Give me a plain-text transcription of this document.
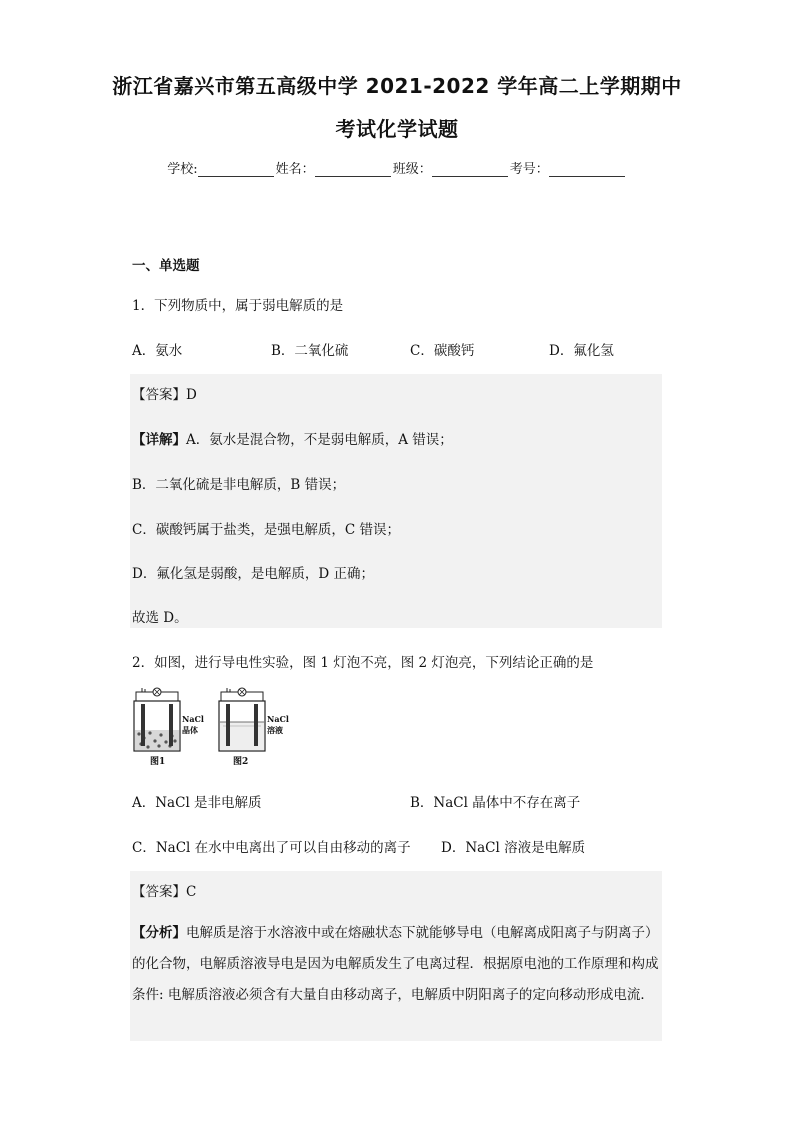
浙江省嘉兴市第五高级中学 2021-2022 学年高二上学期期中
考试化学试题
学校:	姓名：	班级：	考号：
一、单选题
1．下列物质中，属于弱电解质的是
A．氨水	B．二氧化硫	C．碳酸钙	D．氟化氢
【答案】D
【详解】A．氨水是混合物，不是弱电解质，A 错误；
B．二氧化硫是非电解质，B 错误；
C．碳酸钙属于盐类，是强电解质，C 错误；
D．氟化氢是弱酸，是电解质，D 正确；
故选 D。
2．如图，进行导电性实验，图 1 灯泡不亮，图 2 灯泡亮，下列结论正确的是
NaCl
晶体
图1
NaCl
溶液
图2
A．NaCl 是非电解质	B．NaCl 晶体中不存在离子
C．NaCl 在水中电离出了可以自由移动的离子 D．NaCl 溶液是电解质
【答案】C
【分析】电解质是溶于水溶液中或在熔融状态下就能够导电（电解离成阳离子与阴离子）的化合物，电解质溶液导电是因为电解质发生了电离过程．根据原电池的工作原理和构成条件: 电解质溶液必须含有大量自由移动离子，电解质中阴阳离子的定向移动形成电流．
